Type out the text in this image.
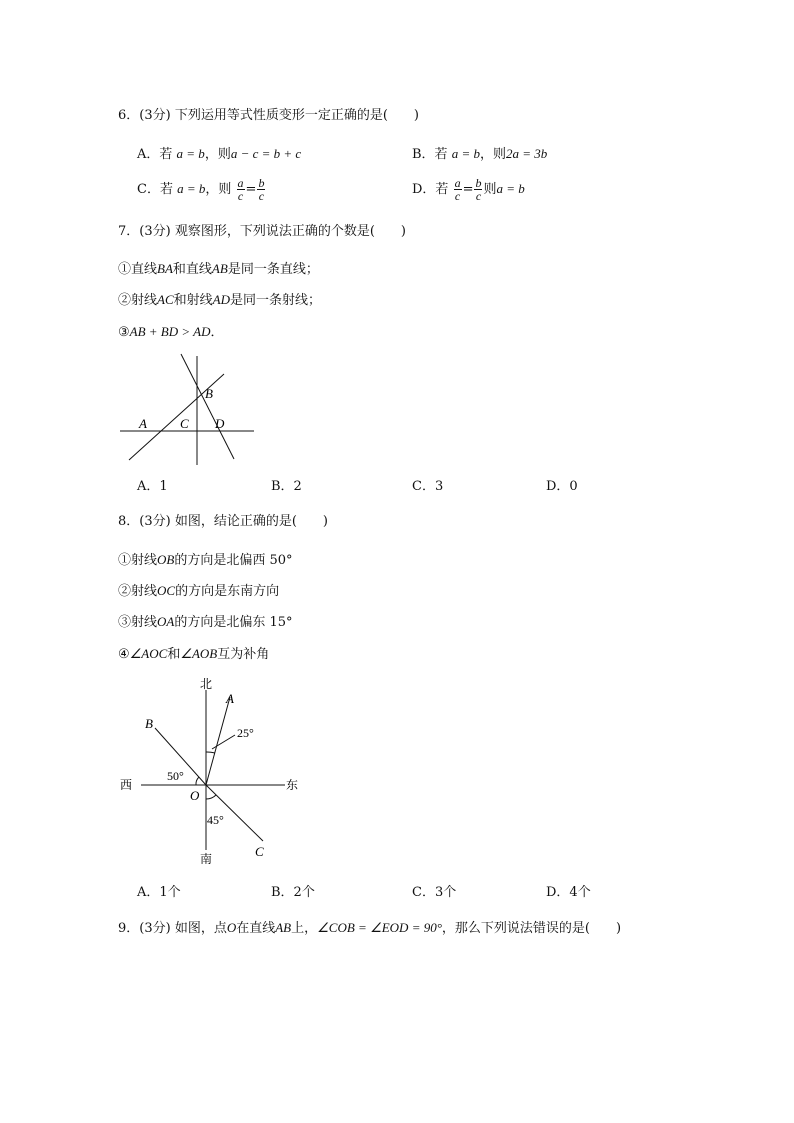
6．(3分) 下列运用等式性质变形一定正确的是(　　)
A．若 a = b，则a − c = b + c	B．若 a = b，则2a = 3b
C．若 a = b，则 $\frac{a}{c} = \frac{b}{c}$	D．若 $\frac{a}{c} = \frac{b}{c}$ 则a = b
7．(3分) 观察图形，下列说法正确的个数是(　　)
①直线BA和直线AB是同一条直线；
②射线AC和射线AD是同一条射线；
③AB + BD > AD．
B
A	C D
A．1	B．2	C．3	D．0
8．(3分) 如图，结论正确的是(　　)
①射线OB的方向是北偏西 50°
②射线OC的方向是东南方向
③射线OA的方向是北偏东 15°
④∠AOC和∠AOB互为补角
北
南
西	东
A
B
C
O
25°
50°
45°
A．1个	B．2个	C．3个	D．4个
9．(3分) 如图，点O在直线AB上，∠COB = ∠EOD = 90°，那么下列说法错误的是(　　)
